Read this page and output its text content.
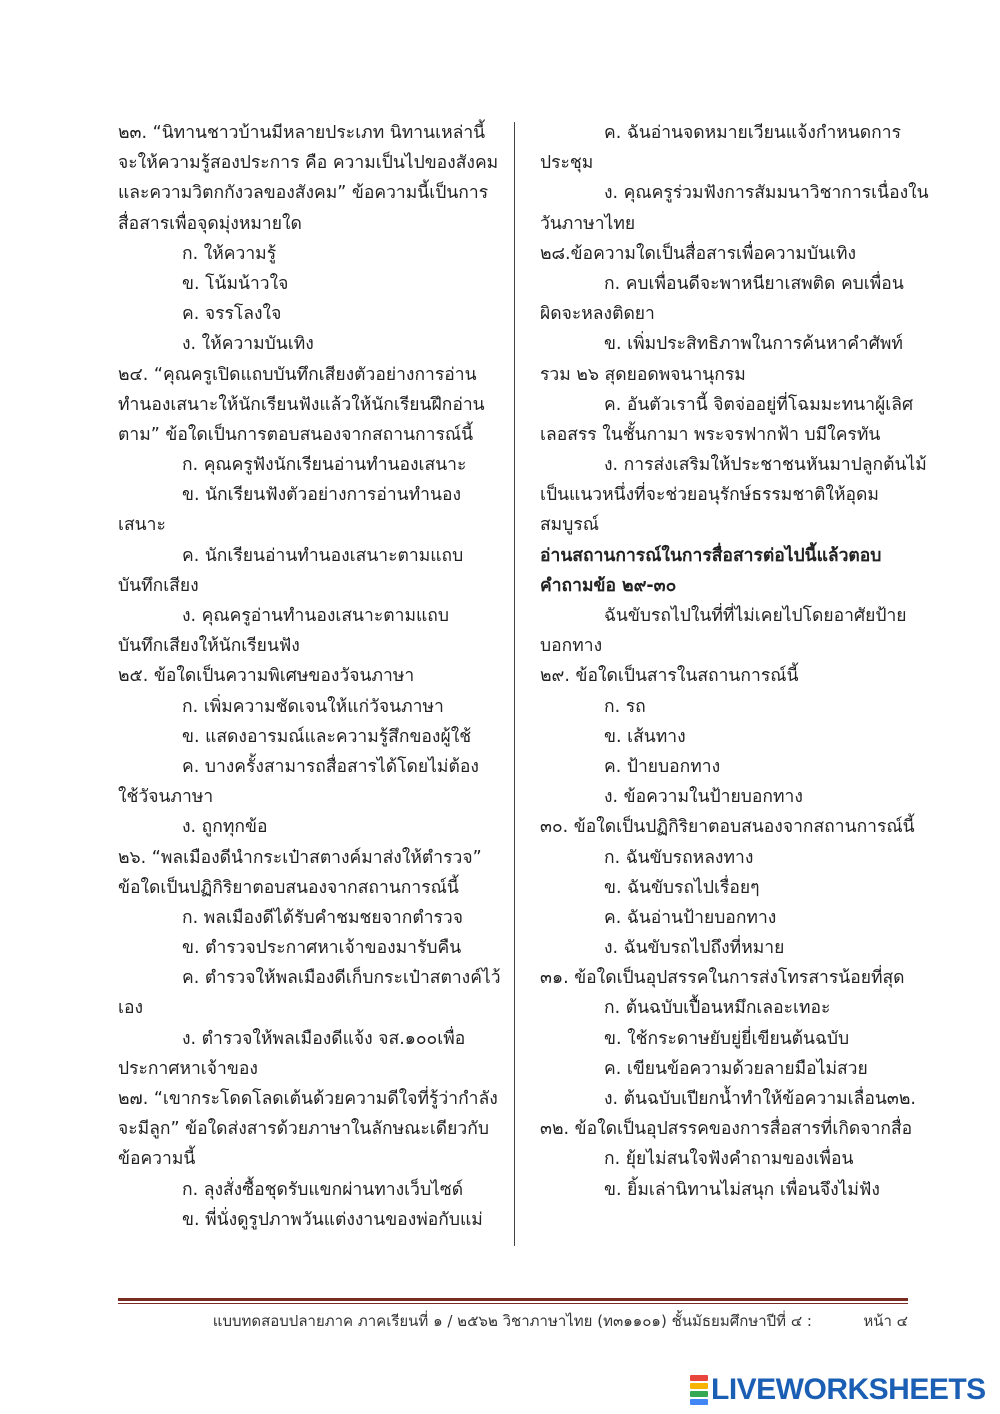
๒๓. “นิทานชาวบ้านมีหลายประเภท นิทานเหล่านี้
จะให้ความรู้สองประการ คือ ความเป็นไปของสังคม
และความวิตกกังวลของสังคม” ข้อความนี้เป็นการ
สื่อสารเพื่อจุดมุ่งหมายใด
ก. ให้ความรู้
ข. โน้มน้าวใจ
ค. จรรโลงใจ
ง. ให้ความบันเทิง
๒๔. “คุณครูเปิดแถบบันทึกเสียงตัวอย่างการอ่าน
ทำนองเสนาะให้นักเรียนฟังแล้วให้นักเรียนฝึกอ่าน
ตาม” ข้อใดเป็นการตอบสนองจากสถานการณ์นี้
ก. คุณครูฟังนักเรียนอ่านทำนองเสนาะ
ข. นักเรียนฟังตัวอย่างการอ่านทำนอง
เสนาะ
ค. นักเรียนอ่านทำนองเสนาะตามแถบ
บันทึกเสียง
ง. คุณครูอ่านทำนองเสนาะตามแถบ
บันทึกเสียงให้นักเรียนฟัง
๒๕. ข้อใดเป็นความพิเศษของวัจนภาษา
ก. เพิ่มความชัดเจนให้แก่วัจนภาษา
ข. แสดงอารมณ์และความรู้สึกของผู้ใช้
ค. บางครั้งสามารถสื่อสารได้โดยไม่ต้อง
ใช้วัจนภาษา
ง. ถูกทุกข้อ
๒๖. “พลเมืองดีนำกระเป๋าสตางค์มาส่งให้ตำรวจ”
ข้อใดเป็นปฏิกิริยาตอบสนองจากสถานการณ์นี้
ก. พลเมืองดีได้รับคำชมชยจากตำรวจ
ข. ตำรวจประกาศหาเจ้าของมารับคืน
ค. ตำรวจให้พลเมืองดีเก็บกระเป๋าสตางค์ไว้
เอง
ง. ตำรวจให้พลเมืองดีแจ้ง จส.๑๐๐เพื่อ
ประกาศหาเจ้าของ
๒๗. “เขากระโดดโลดเต้นด้วยความดีใจที่รู้ว่ากำลัง
จะมีลูก” ข้อใดส่งสารด้วยภาษาในลักษณะเดียวกับ
ข้อความนี้
ก. ลุงสั่งซื้อชุดรับแขกผ่านทางเว็บไซด์
ข. พี่นั่งดูรูปภาพวันแต่งงานของพ่อกับแม่
ค. ฉันอ่านจดหมายเวียนแจ้งกำหนดการ
ประชุม
ง. คุณครูร่วมฟังการสัมมนาวิชาการเนื่องใน
วันภาษาไทย
๒๘.ข้อความใดเป็นสื่อสารเพื่อความบันเทิง
ก. คบเพื่อนดีจะพาหนียาเสพติด คบเพื่อน
ผิดจะหลงติดยา
ข. เพิ่มประสิทธิภาพในการค้นหาคำศัพท์
รวม ๒๖ สุดยอดพจนานุกรม
ค. อันตัวเรานี้ จิตจ่ออยู่ที่โฉมมะทนาผู้เลิศ
เลอสรร ในชั้นกามา พระจรฟากฟ้า บมีใครทัน
ง. การส่งเสริมให้ประชาชนหันมาปลูกต้นไม้
เป็นแนวหนึ่งที่จะช่วยอนุรักษ์ธรรมชาติให้อุดม
สมบูรณ์
อ่านสถานการณ์ในการสื่อสารต่อไปนี้แล้วตอบ
คำถามข้อ ๒๙-๓๐
ฉันขับรถไปในที่ที่ไม่เคยไปโดยอาศัยป้าย
บอกทาง
๒๙. ข้อใดเป็นสารในสถานการณ์นี้
ก. รถ
ข. เส้นทาง
ค. ป้ายบอกทาง
ง. ข้อความในป้ายบอกทาง
๓๐. ข้อใดเป็นปฏิกิริยาตอบสนองจากสถานการณ์นี้
ก. ฉันขับรถหลงทาง
ข. ฉันขับรถไปเรื่อยๆ
ค. ฉันอ่านป้ายบอกทาง
ง. ฉันขับรถไปถึงที่หมาย
๓๑. ข้อใดเป็นอุปสรรคในการส่งโทรสารน้อยที่สุด
ก. ต้นฉบับเปื้อนหมึกเลอะเทอะ
ข. ใช้กระดาษยับยู่ยี่เขียนต้นฉบับ
ค. เขียนข้อความด้วยลายมือไม่สวย
ง. ต้นฉบับเปียกน้ำทำให้ข้อความเลื่อน๓๒.
๓๒. ข้อใดเป็นอุปสรรคของการสื่อสารที่เกิดจากสื่อ
ก. ยุ้ยไม่สนใจฟังคำถามของเพื่อน
ข. ยิ้มเล่านิทานไม่สนุก เพื่อนจึงไม่ฟัง
แบบทดสอบปลายภาค ภาคเรียนที่ ๑ / ๒๕๖๒ วิชาภาษาไทย (ท๓๑๑๐๑) ชั้นมัธยมศึกษาปีที่ ๔ :	หน้า ๔
LIVEWORKSHEETS
